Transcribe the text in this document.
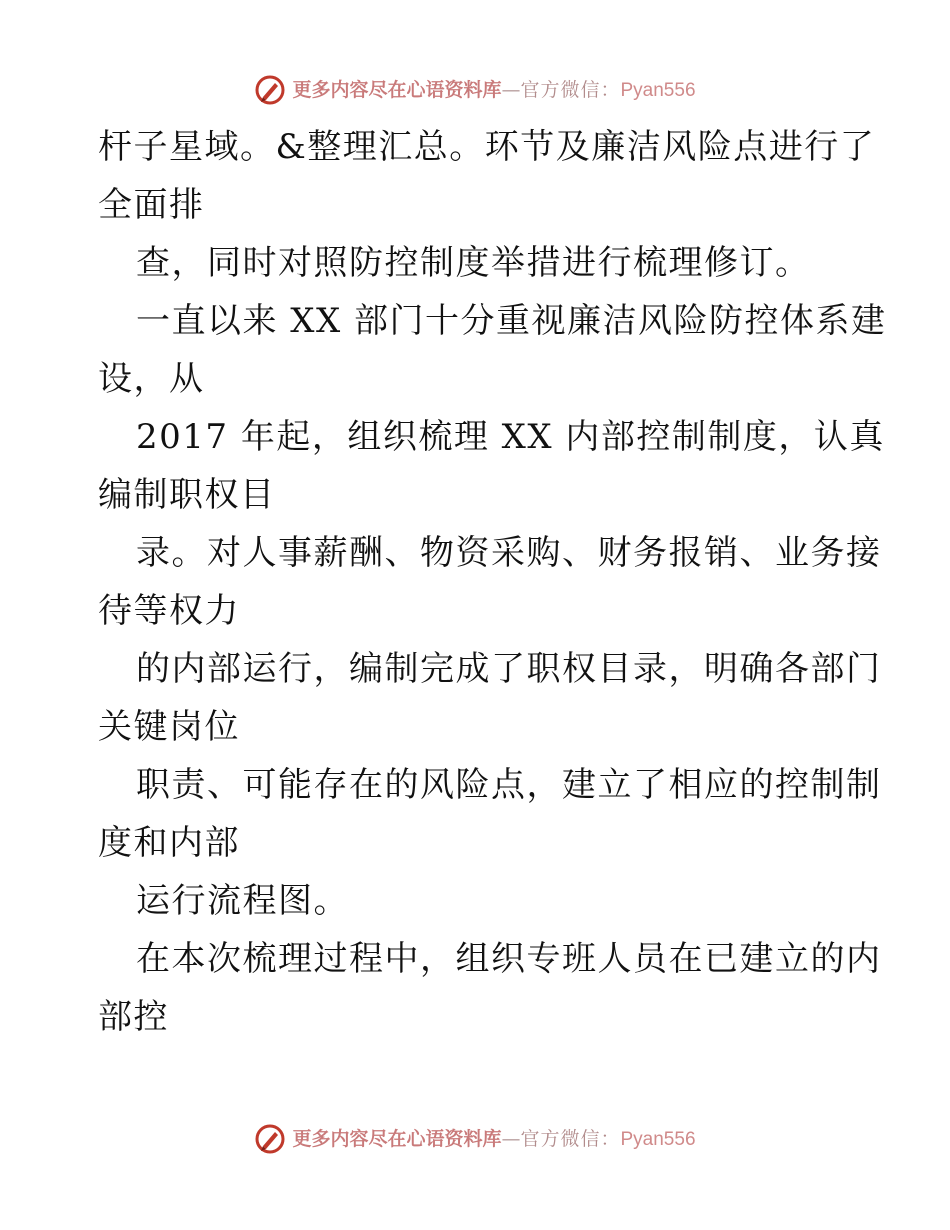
更多内容尽在心语资料库 — 官方微信： Pyan556
杆子星域。&整理汇总。环节及廉洁风险点进行了
全面排
查，同时对照防控制度举措进行梳理修订。
一直以来 XX 部门十分重视廉洁风险防控体系建
设，从
2017 年起，组织梳理 XX 内部控制制度，认真
编制职权目
录。对人事薪酬、物资采购、财务报销、业务接
待等权力
的内部运行，编制完成了职权目录，明确各部门
关键岗位
职责、可能存在的风险点，建立了相应的控制制
度和内部
运行流程图。
在本次梳理过程中，组织专班人员在已建立的内
部控
更多内容尽在心语资料库 — 官方微信： Pyan556
